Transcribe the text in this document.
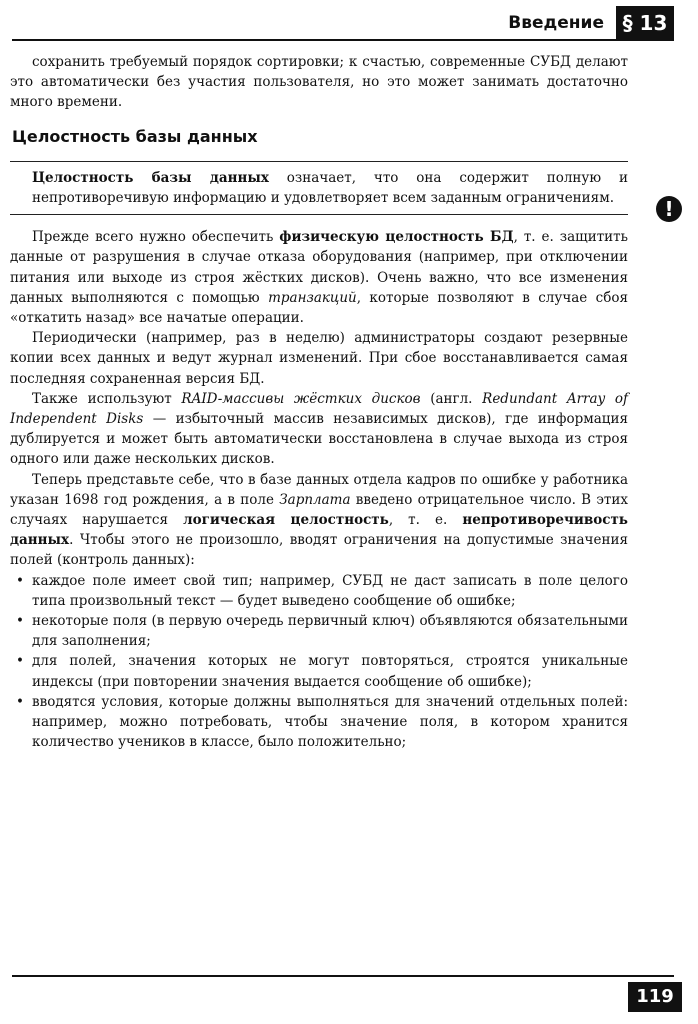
Введение § 13
!

сохранить требуемый порядок сортировки; к счастью, современные СУБД делают это автоматически без участия пользователя, но это может занимать достаточно много времени.

Целостность базы данных
Целостность базы данных означает, что она содержит полную и непротиворечивую информацию и удовлетворяет всем заданным ограничениям.

Прежде всего нужно обеспечить физическую целостность БД, т. е. защитить данные от разрушения в случае отказа оборудования (например, при отключении питания или выходе из строя жёстких дисков). Очень важно, что все изменения данных выполняются с помощью транзакций, которые позволяют в случае сбоя «откатить назад» все начатые операции.

Периодически (например, раз в неделю) администраторы создают резервные копии всех данных и ведут журнал изменений. При сбое восстанавливается самая последняя сохраненная версия БД.

Также используют RAID-массивы жёстких дисков (англ. Redundant Array of Independent Disks — избыточный массив независимых дисков), где информация дублируется и может быть автоматически восстановлена в случае выхода из строя одного или даже нескольких дисков.

Теперь представьте себе, что в базе данных отдела кадров по ошибке у работника указан 1698 год рождения, а в поле Зарплата введено отрицательное число. В этих случаях нарушается логическая целостность, т. е. непротиворечивость данных. Чтобы этого не произошло, вводят ограничения на допустимые значения полей (контроль данных):

• каждое поле имеет свой тип; например, СУБД не даст записать в поле целого типа произвольный текст — будет выведено сообщение об ошибке;
• некоторые поля (в первую очередь первичный ключ) объявляются обязательными для заполнения;
• для полей, значения которых не могут повторяться, строятся уникальные индексы (при повторении значения выдается сообщение об ошибке);
• вводятся условия, которые должны выполняться для значений отдельных полей: например, можно потребовать, чтобы значение поля, в котором хранится количество учеников в классе, было положительно;
119
